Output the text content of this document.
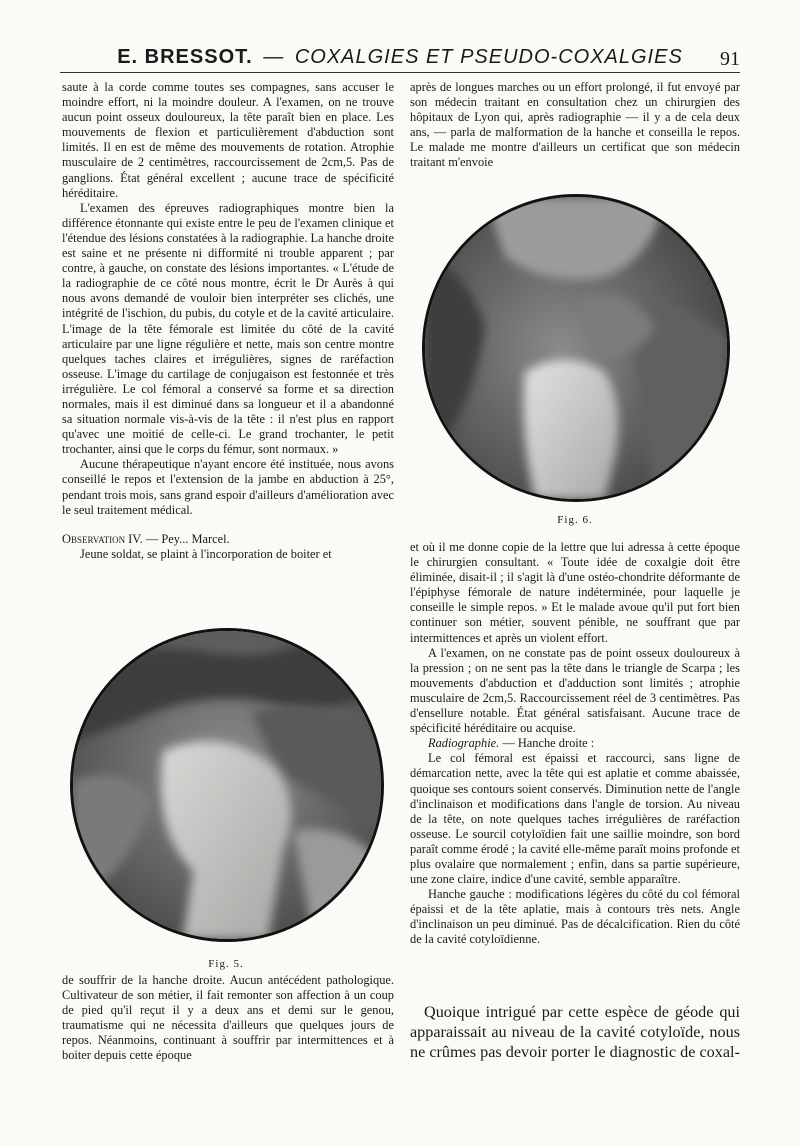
E. BRESSOT. — COXALGIES ET PSEUDO-COXALGIES	91

saute à la corde comme toutes ses compagnes, sans accuser le moindre effort, ni la moindre douleur. A l'examen, on ne trouve aucun point osseux douloureux, la tête paraît bien en place. Les mouvements de flexion et particulièrement d'abduction sont limités. Il en est de même des mouvements de rotation. Atrophie musculaire de 2 centimètres, raccourcissement de 2cm,5. Pas de ganglions. État général excellent ; aucune trace de spécificité héréditaire.

L'examen des épreuves radiographiques montre bien la différence étonnante qui existe entre le peu de l'examen clinique et l'étendue des lésions constatées à la radiographie. La hanche droite est saine et ne présente ni difformité ni trouble apparent ; par contre, à gauche, on constate des lésions importantes. « L'étude de la radiographie de ce côté nous montre, écrit le Dr Aurès à qui nous avons demandé de vouloir bien interpréter ses clichés, une intégrité de l'ischion, du pubis, du cotyle et de la cavité articulaire. L'image de la tête fémorale est limitée du côté de la cavité articulaire par une ligne régulière et nette, mais son centre montre quelques taches claires et irrégulières, signes de raréfaction osseuse. L'image du cartilage de conjugaison est festonnée et très irrégulière. Le col fémoral a conservé sa forme et sa direction normales, mais il est diminué dans sa longueur et il a abandonné sa situation normale vis-à-vis de la tête : il n'est plus en rapport qu'avec une moitié de celle-ci. Le grand trochanter, le petit trochanter, ainsi que le corps du fémur, sont normaux. »

Aucune thérapeutique n'ayant encore été instituée, nous avons conseillé le repos et l'extension de la jambe en abduction à 25°, pendant trois mois, sans grand espoir d'ailleurs d'amélioration avec le seul traitement médical.

Observation IV. — Pey... Marcel.

Jeune soldat, se plaint à l'incorporation de boiter et

Fig. 5.

de souffrir de la hanche droite. Aucun antécédent pathologique. Cultivateur de son métier, il fait remonter son affection à un coup de pied qu'il reçut il y a deux ans et demi sur le genou, traumatisme qui ne nécessita d'ailleurs que quelques jours de repos. Néanmoins, continuant à souffrir par intermittences et à boiter depuis cette époque

après de longues marches ou un effort prolongé, il fut envoyé par son médecin traitant en consultation chez un chirurgien des hôpitaux de Lyon qui, après radiographie — il y a de cela deux ans, — parla de malformation de la hanche et conseilla le repos. Le malade me montre d'ailleurs un certificat que son médecin traitant m'envoie

Fig. 6.

et où il me donne copie de la lettre que lui adressa à cette époque le chirurgien consultant. « Toute idée de coxalgie doit être éliminée, disait-il ; il s'agit là d'une ostéo-chondrite déformante de l'épiphyse fémorale de nature indéterminée, pour laquelle je conseille le simple repos. » Et le malade avoue qu'il put fort bien continuer son métier, souvent pénible, ne souffrant que par intermittences et après un violent effort.

A l'examen, on ne constate pas de point osseux douloureux à la pression ; on ne sent pas la tête dans le triangle de Scarpa ; les mouvements d'abduction et d'adduction sont limités ; atrophie musculaire de 2cm,5. Raccourcissement réel de 3 centimètres. Pas d'ensellure notable. État général satisfaisant. Aucune trace de spécificité héréditaire ou acquise.

Radiographie. — Hanche droite :

Le col fémoral est épaissi et raccourci, sans ligne de démarcation nette, avec la tête qui est aplatie et comme abaissée, quoique ses contours soient conservés. Diminution nette de l'angle d'inclinaison et modifications dans l'angle de torsion. Au niveau de la tête, on note quelques taches irrégulières de raréfaction osseuse. Le sourcil cotyloïdien fait une saillie moindre, son bord paraît comme érodé ; la cavité elle-même paraît moins profonde et plus ovalaire que normalement ; enfin, dans sa partie supérieure, une zone claire, indice d'une cavité, semble apparaître.

Hanche gauche : modifications légères du côté du col fémoral épaissi et de la tête aplatie, mais à contours très nets. Angle d'inclinaison un peu diminué. Pas de décalcification. Rien du côté de la cavité cotyloïdienne.

Quoique intrigué par cette espèce de géode qui apparaissait au niveau de la cavité cotyloïde, nous ne crûmes pas devoir porter le diagnostic de coxal-
